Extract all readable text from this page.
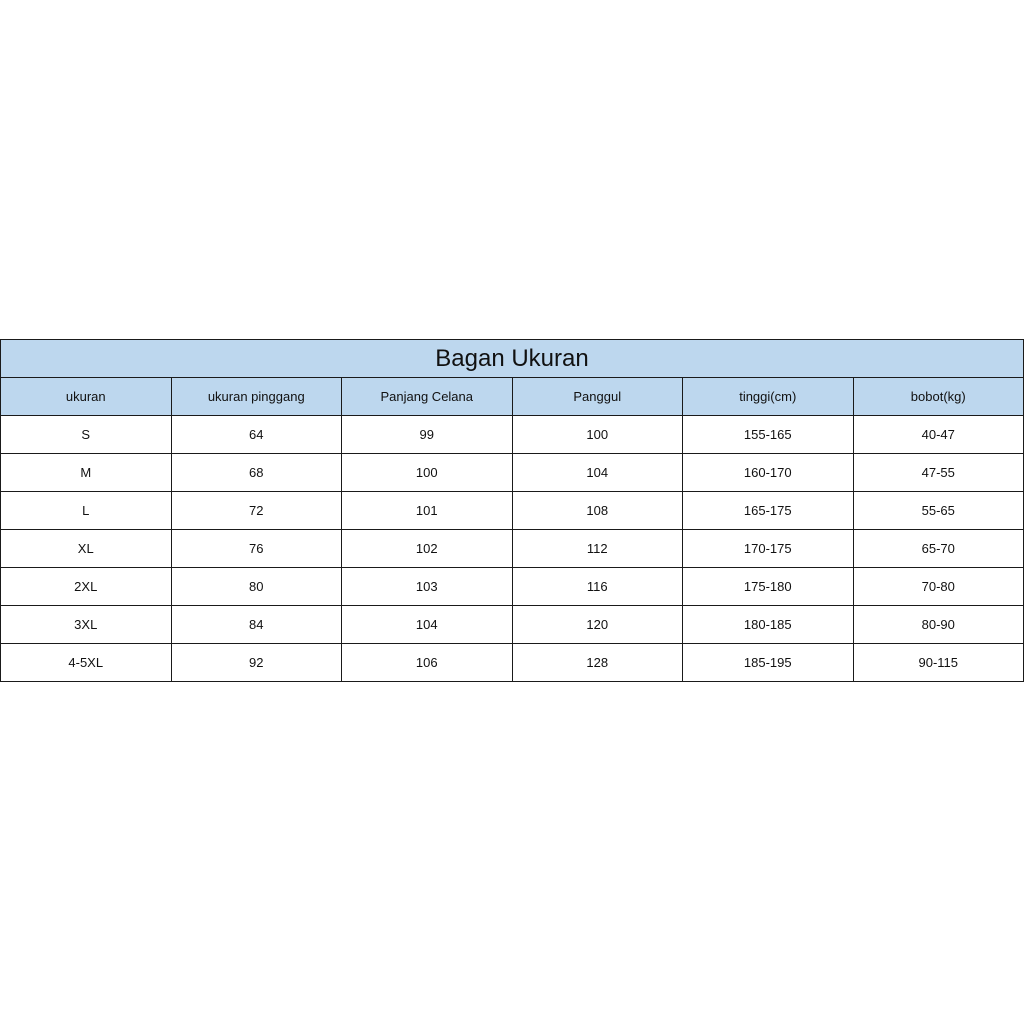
Bagan Ukuran					
ukuran	ukuran pinggang	Panjang Celana	Panggul	tinggi(cm)	bobot(kg)
S	64	99	100	155-165	40-47
M	68	100	104	160-170	47-55
L	72	101	108	165-175	55-65
XL	76	102	112	170-175	65-70
2XL	80	103	116	175-180	70-80
3XL	84	104	120	180-185	80-90
4-5XL	92	106	128	185-195	90-115
